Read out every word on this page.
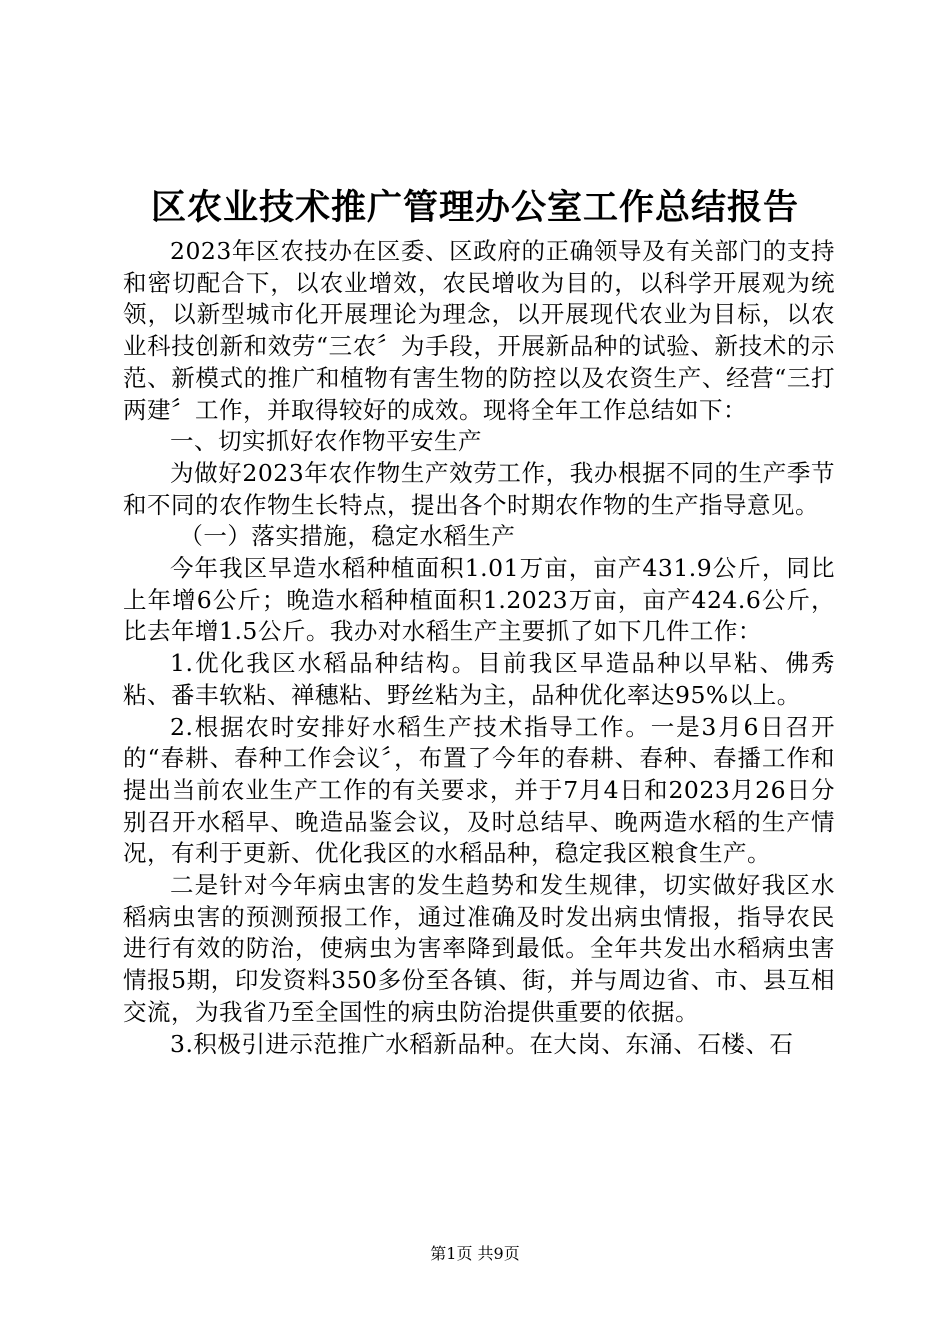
区农业技术推广管理办公室工作总结报告

2023年区农技办在区委、区政府的正确领导及有关部门的支持和密切配合下，以农业增效，农民增收为目的，以科学开展观为统领，以新型城市化开展理论为理念，以开展现代农业为目标，以农业科技创新和效劳“三农〞为手段，开展新品种的试验、新技术的示范、新模式的推广和植物有害生物的防控以及农资生产、经营“三打两建〞工作，并取得较好的成效。现将全年工作总结如下：

一、切实抓好农作物平安生产

为做好2023年农作物生产效劳工作，我办根据不同的生产季节和不同的农作物生长特点，提出各个时期农作物的生产指导意见。

（一）落实措施，稳定水稻生产

今年我区早造水稻种植面积1.01万亩，亩产431.9公斤，同比上年增6公斤；晚造水稻种植面积1.2023万亩，亩产424.6公斤，比去年增1.5公斤。我办对水稻生产主要抓了如下几件工作：

1.优化我区水稻品种结构。目前我区早造品种以早粘、佛秀粘、番丰软粘、禅穗粘、野丝粘为主，品种优化率达95%以上。

2.根据农时安排好水稻生产技术指导工作。一是3月6日召开的“春耕、春种工作会议〞，布置了今年的春耕、春种、春播工作和提出当前农业生产工作的有关要求，并于7月4日和2023月26日分别召开水稻早、晚造品鉴会议，及时总结早、晚两造水稻的生产情况，有利于更新、优化我区的水稻品种，稳定我区粮食生产。

二是针对今年病虫害的发生趋势和发生规律，切实做好我区水稻病虫害的预测预报工作，通过准确及时发出病虫情报，指导农民进行有效的防治，使病虫为害率降到最低。全年共发出水稻病虫害情报5期，印发资料350多份至各镇、街，并与周边省、市、县互相交流，为我省乃至全国性的病虫防治提供重要的依据。

3.积极引进示范推广水稻新品种。在大岗、东涌、石楼、石

第1页 共9页
